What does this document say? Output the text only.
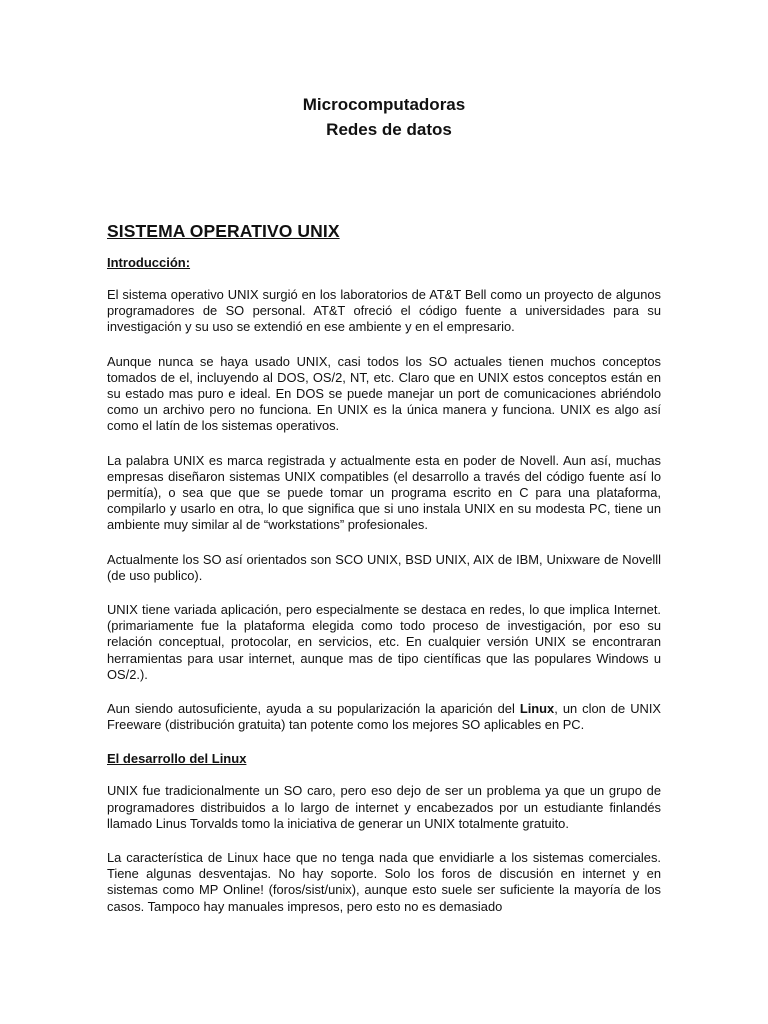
Microcomputadoras
Redes de datos
SISTEMA OPERATIVO UNIX
Introducción:

El sistema operativo UNIX surgió en los laboratorios de AT&T Bell como un proyecto de algunos programadores de SO personal. AT&T ofreció el código fuente a universidades para su investigación y su uso se extendió en ese ambiente y en el empresario.

Aunque nunca se haya usado UNIX, casi todos los SO actuales tienen muchos conceptos tomados de el, incluyendo al DOS, OS/2, NT, etc. Claro que en UNIX estos conceptos están en su estado mas puro e ideal. En DOS se puede manejar un port de comunicaciones abriéndolo como un archivo pero no funciona. En UNIX es la única manera y funciona. UNIX es algo así como el latín de los sistemas operativos.

La palabra UNIX es marca registrada y actualmente esta en poder de Novell. Aun así, muchas empresas diseñaron sistemas UNIX compatibles (el desarrollo a través del código fuente así lo permitía), o sea que que se puede tomar un programa escrito en C para una plataforma, compilarlo y usarlo en otra, lo que significa que si uno instala UNIX en su modesta PC, tiene un ambiente muy similar al de “workstations” profesionales.

Actualmente los SO así orientados son SCO UNIX, BSD UNIX, AIX de IBM, Unixware de Novelll (de uso publico).

UNIX tiene variada aplicación, pero especialmente se destaca en redes, lo que implica Internet. (primariamente fue la plataforma elegida como todo proceso de investigación, por eso su relación conceptual, protocolar, en servicios, etc. En cualquier versión UNIX se encontraran herramientas para usar internet, aunque mas de tipo científicas que las populares Windows u OS/2.).

Aun siendo autosuficiente, ayuda a su popularización la aparición del Linux, un clon de UNIX Freeware (distribución gratuita) tan potente como los mejores SO aplicables en PC.

El desarrollo del Linux

UNIX fue tradicionalmente un SO caro, pero eso dejo de ser un problema ya que un grupo de programadores distribuidos a lo largo de internet y encabezados por un estudiante finlandés llamado Linus Torvalds tomo la iniciativa de generar un UNIX totalmente gratuito.

La característica de Linux hace que no tenga nada que envidiarle a los sistemas comerciales. Tiene algunas desventajas. No hay soporte. Solo los foros de discusión en internet y en sistemas como MP Online! (foros/sist/unix), aunque esto suele ser suficiente la mayoría de los casos. Tampoco hay manuales impresos, pero esto no es demasiado
